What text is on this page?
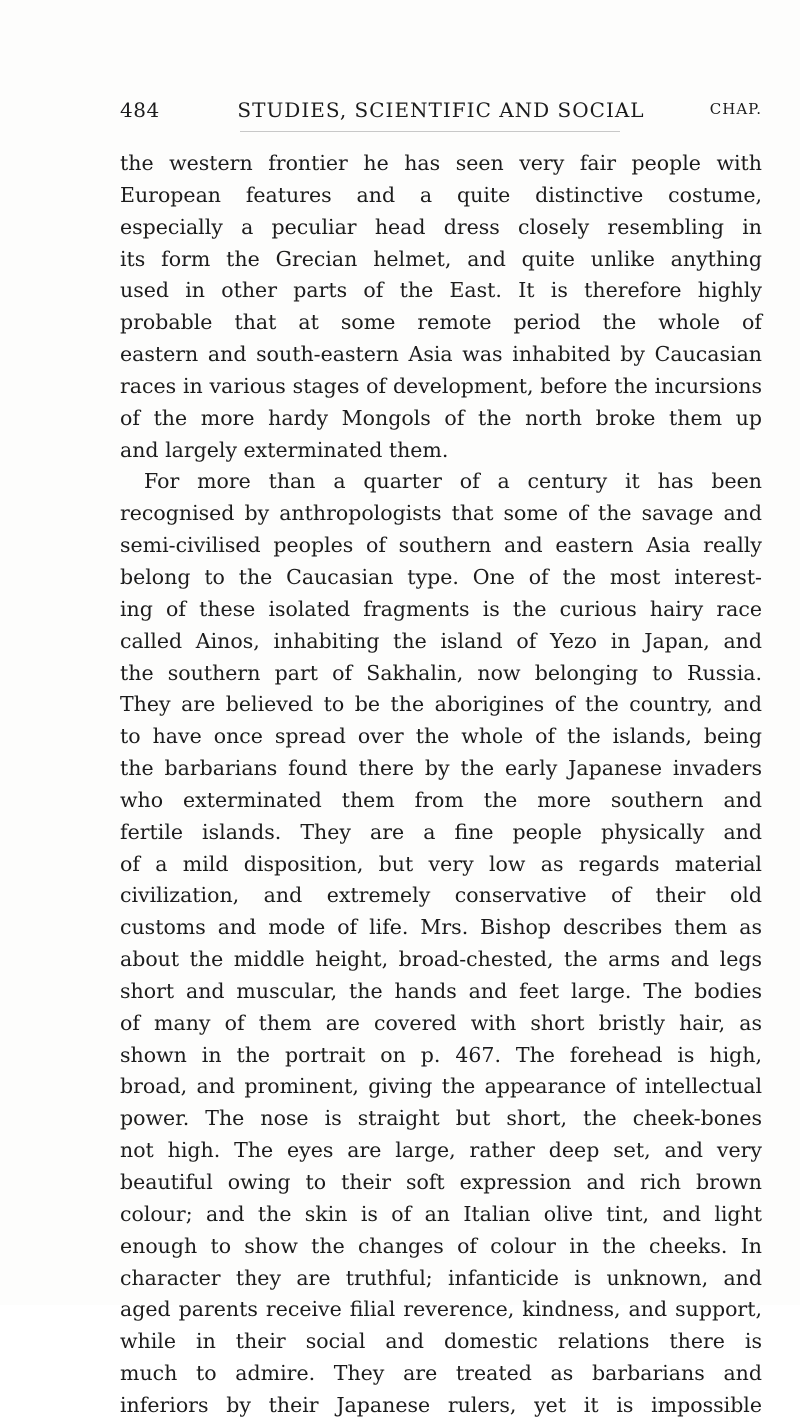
484	STUDIES, SCIENTIFIC AND SOCIAL	CHAP.
the western frontier he has seen very fair people with
European features and a quite distinctive costume,
especially a peculiar head dress closely resembling in
its form the Grecian helmet, and quite unlike anything
used in other parts of the East. It is therefore highly
probable that at some remote period the whole of
eastern and south-eastern Asia was inhabited by Caucasian
races in various stages of development, before the incursions
of the more hardy Mongols of the north broke them up
and largely exterminated them.
For more than a quarter of a century it has been
recognised by anthropologists that some of the savage and
semi-civilised peoples of southern and eastern Asia really
belong to the Caucasian type. One of the most interest-
ing of these isolated fragments is the curious hairy race
called Ainos, inhabiting the island of Yezo in Japan, and
the southern part of Sakhalin, now belonging to Russia.
They are believed to be the aborigines of the country, and
to have once spread over the whole of the islands, being
the barbarians found there by the early Japanese invaders
who exterminated them from the more southern and
fertile islands. They are a fine people physically and
of a mild disposition, but very low as regards material
civilization, and extremely conservative of their old
customs and mode of life. Mrs. Bishop describes them as
about the middle height, broad-chested, the arms and legs
short and muscular, the hands and feet large. The bodies
of many of them are covered with short bristly hair, as
shown in the portrait on p. 467. The forehead is high,
broad, and prominent, giving the appearance of intellectual
power. The nose is straight but short, the cheek-bones
not high. The eyes are large, rather deep set, and very
beautiful owing to their soft expression and rich brown
colour; and the skin is of an Italian olive tint, and light
enough to show the changes of colour in the cheeks. In
character they are truthful; infanticide is unknown, and
aged parents receive filial reverence, kindness, and support,
while in their social and domestic relations there is
much to admire. They are treated as barbarians and
inferiors by their Japanese rulers, yet it is impossible
